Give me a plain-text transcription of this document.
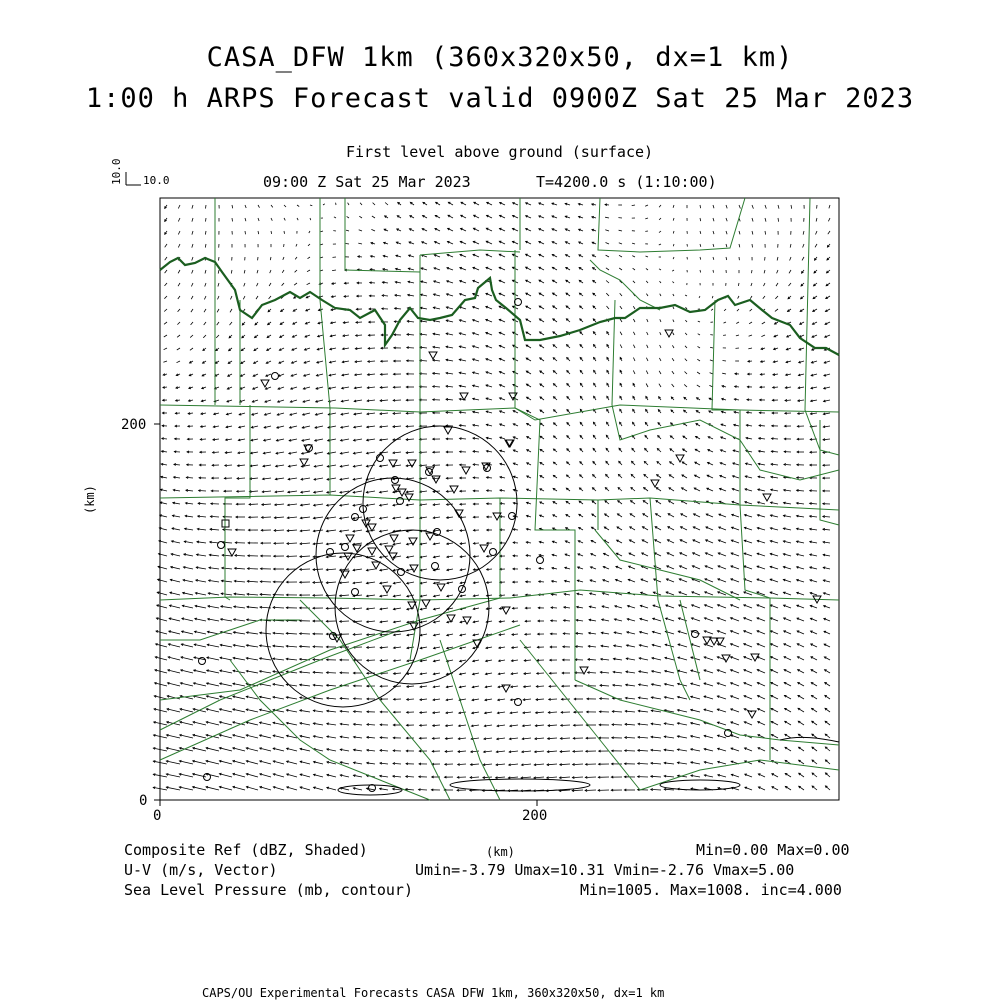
CASA_DFW 1km (360x320x50, dx=1 km)
1:00 h ARPS Forecast valid 0900Z Sat 25 Mar 2023
First level above ground (surface)
09:00 Z Sat 25 Mar 2023	T=4200.0 s (1:10:00)
10.0 10.0
0	200
0
200
(km)
(km)
Composite Ref (dBZ, Shaded)	Min=0.00 Max=0.00
U-V (m/s, Vector)	Umin=-3.79 Umax=10.31 Vmin=-2.76 Vmax=5.00
Sea Level Pressure (mb, contour)	Min=1005. Max=1008. inc=4.000
CAPS/OU Experimental Forecasts CASA DFW 1km, 360x320x50, dx=1 km
